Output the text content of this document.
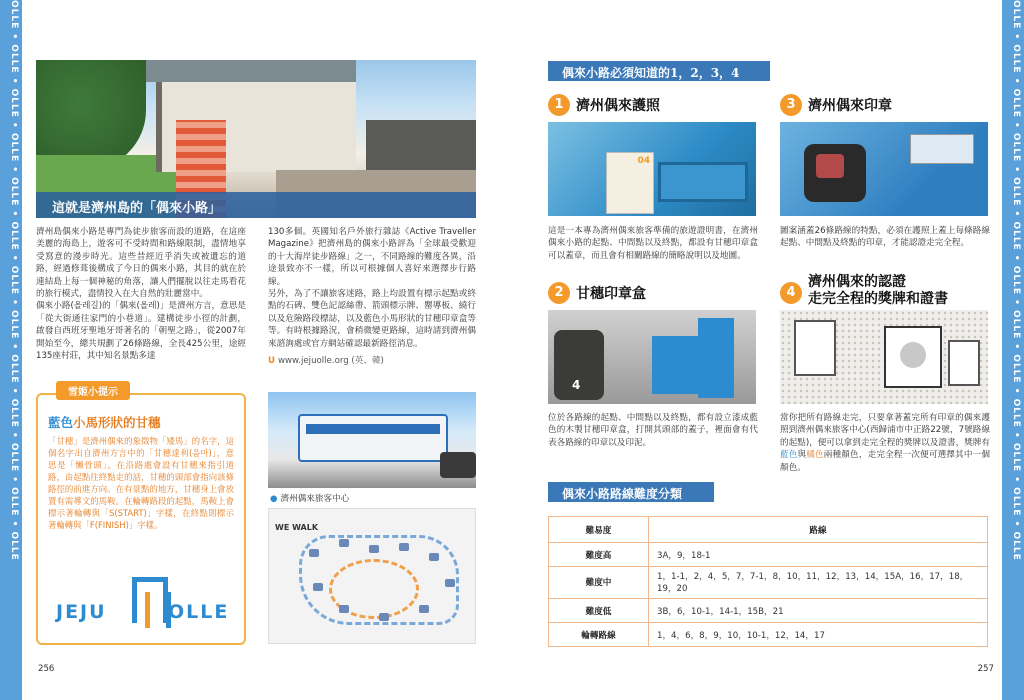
OLLE • OLLE • OLLE • OLLE • OLLE • OLLE • OLLE • OLLE • OLLE • OLLE • OLLE • OLLE • OLLE	這就是濟州島的「偶來小路」

濟州島偶來小路是專門為徒步旅客而設的道路，在這座美麗的海島上，遊客可不受時間和路線限制，盡情地享受寫意的漫步時光。這些昔經近乎消失或被遺忘的道路，經過修葺後構成了今日的偶來小路，其目的就在於連結島上每一個神秘的角落，讓人們擺脫以往走馬看花的旅行模式，盡情投入在大自然的壯麗當中。

偶來小路(올레길)的「偶來(올레)」是濟州方言，意思是「從大街通往家門的小巷道」。建構徒步小徑的計劃，啟發自西班牙聖地牙哥著名的「朝聖之路」，從2007年開始至今，總共規劃了26條路線，全長425公里，途經135座村莊，其中知名景點多達

130多個。英國知名戶外旅行雜誌《Active Traveller Magazine》把濟州島的偶來小路評為「全球最受歡迎的十大海岸徒步路線」之一，不同路線的難度各異，沿途景致亦不一樣，所以可根據個人喜好來選擇步行路線。

另外，為了不讓旅客迷路，路上均設置有標示起點或終點的石碑、雙色記認絲帶、箭頭標示牌、罌導板、繞行以及危險路段標誌，以及藍色小馬形狀的甘穗印章盒等等。有時根據路況，會稍微變更路線，這時請到濟州偶來諮詢處或官方網站確認最新路徑消息。

U www.jejuolle.org (英、韓)
雪姬小提示
藍色小馬形狀的甘穗
「甘穗」是濟州偶來的象徵物「矮馬」的名字，這個名字出自濟州方言中的「甘穗達利(음마)」，意思是「懶骨頭」。在沿路處會設有甘穗來指引道路，由起點往終點走的話，甘穗的頭部會指向該條路徑的前進方向。在有景點的地方，甘穗身上會放置有需導文的馬鞍。在輪轉路段的起點，馬鞍上會標示著輪轉與「S(START)」字樣，在終點則標示著輪轉與「F(FINISH)」字樣。
JEJU	OLLE
● 濟州偶來旅客中心
WE WALK
256
OLLE • OLLE • OLLE • OLLE • OLLE • OLLE • OLLE • OLLE • OLLE • OLLE • OLLE • OLLE • OLLE
257
偶來小路必須知道的1，2，3，4
1 濟州偶來護照
04
這是一本專為濟州偶來旅客準備的旅遊證明書，在濟州偶來小路的起點、中間點以及終點，都設有甘穗印章盒可以蓋章，而且會有相關路線的簡略說明以及地圖。
3 濟州偶來印章
圖案涵蓋26條路線的特點，必須在護照上蓋上每條路線起點、中間點及終點的印章，才能認證走完全程。
2 甘穗印章盒
4
位於各路線的起點、中間點以及終點，都有設立漆成藍色的木製甘穗印章盒，打開其頭部的蓋子，裡面會有代表各路線的印章以及印泥。
4
濟州偶來的認證
走完全程的獎牌和證書
當你把所有路線走完，只要拿著蓋完所有印章的偶來護照到濟州偶來旅客中心(西歸浦市中正路22號，7號路線的起點)，便可以拿到走完全程的獎牌以及證書，獎牌有藍色與橘色兩種顏色，走完全程一次便可選擇其中一個顏色。
偶來小路路線難度分類
難易度	路線
難度高	3A，9，18-1
難度中	1，1-1，2，4，5，7，7-1，8，10，11，12，13，14，15A，16，17，18，19，20
難度低	3B，6，10-1，14-1，15B，21
輪轉路線	1，4，6，8，9，10，10-1，12，14，17
